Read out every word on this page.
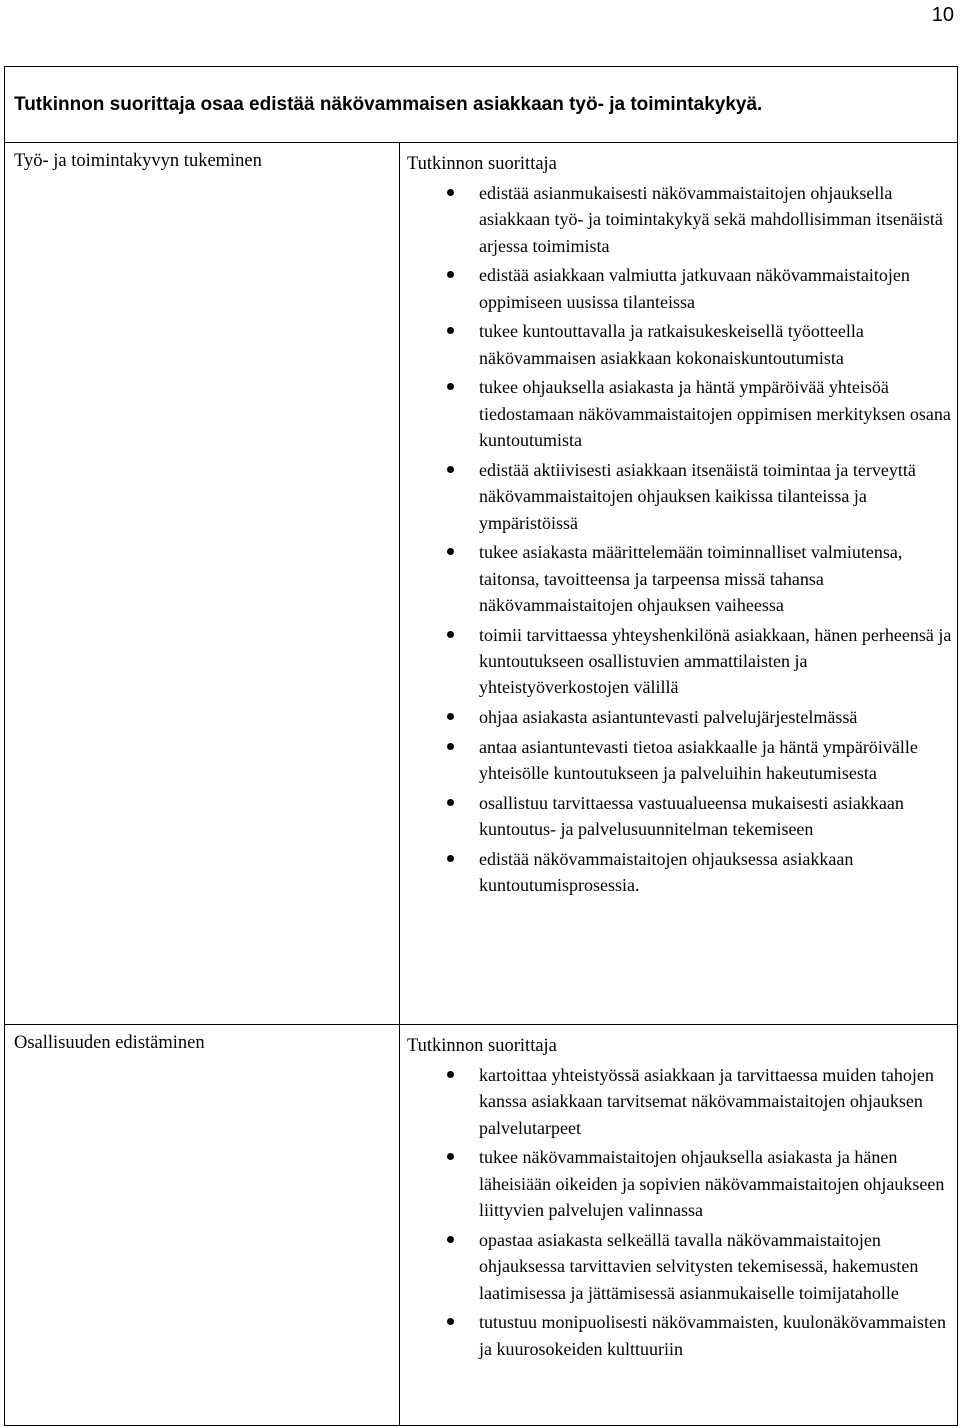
10
Tutkinnon suorittaja osaa edistää näkövammaisen asiakkaan työ- ja toimintakykyä.
Työ- ja toimintakyvyn tukeminen	Tutkinnon suorittaja
edistää asianmukaisesti näkövammaistaitojen ohjauksella asiakkaan työ- ja toimintakykyä sekä mahdollisimman itsenäistä arjessa toimimista
edistää asiakkaan valmiutta jatkuvaan näkövammaistaitojen oppimiseen uusissa tilanteissa
tukee kuntouttavalla ja ratkaisukeskeisellä työotteella näkövammaisen asiakkaan kokonaiskuntoutumista
tukee ohjauksella asiakasta ja häntä ympäröivää yhteisöä tiedostamaan näkövammaistaitojen oppimisen merkityksen osana kuntoutumista
edistää aktiivisesti asiakkaan itsenäistä toimintaa ja terveyttä näkövammaistaitojen ohjauksen kaikissa tilanteissa ja ympäristöissä
tukee asiakasta määrittelemään toiminnalliset valmiutensa, taitonsa, tavoitteensa ja tarpeensa missä tahansa näkövammaistaitojen ohjauksen vaiheessa
toimii tarvittaessa yhteyshenkilönä asiakkaan, hänen perheensä ja kuntoutukseen osallistuvien ammattilaisten ja yhteistyöverkostojen välillä
ohjaa asiakasta asiantuntevasti palvelujärjestelmässä
antaa asiantuntevasti tietoa asiakkaalle ja häntä ympäröivälle yhteisölle kuntoutukseen ja palveluihin hakeutumisesta
osallistuu tarvittaessa vastuualueensa mukaisesti asiakkaan kuntoutus- ja palvelusuunnitelman tekemiseen
edistää näkövammaistaitojen ohjauksessa asiakkaan kuntoutumisprosessia.
Osallisuuden edistäminen	Tutkinnon suorittaja
kartoittaa yhteistyössä asiakkaan ja tarvittaessa muiden tahojen kanssa asiakkaan tarvitsemat näkövammaistaitojen ohjauksen palvelutarpeet
tukee näkövammaistaitojen ohjauksella asiakasta ja hänen läheisiään oikeiden ja sopivien näkövammaistaitojen ohjaukseen liittyvien palvelujen valinnassa
opastaa asiakasta selkeällä tavalla näkövammaistaitojen ohjauksessa tarvittavien selvitysten tekemisessä, hakemusten laatimisessa ja jättämisessä asianmukaiselle toimijataholle
tutustuu monipuolisesti näkövammaisten, kuulonäkövammaisten ja kuurosokeiden kulttuuriin
